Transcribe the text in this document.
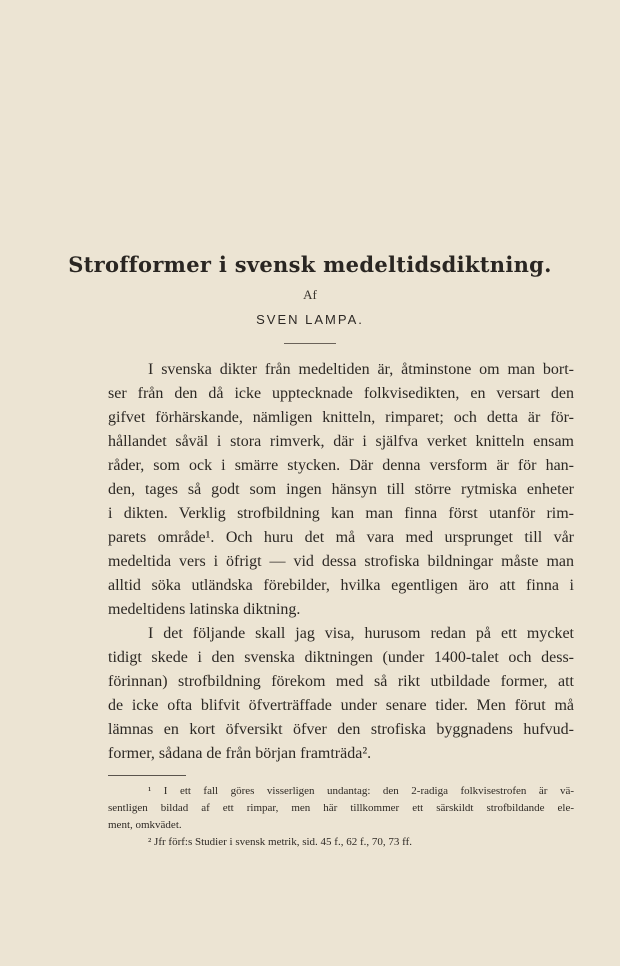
Strofformer i svensk medeltidsdiktning.
Af
SVEN LAMPA.
I svenska dikter från medeltiden är, åtminstone om man bort-
ser från den då icke upptecknade folkvisedikten, en versart den
gifvet förhärskande, nämligen knitteln, rimparet; och detta är för-
hållandet såväl i stora rimverk, där i själfva verket knitteln ensam
råder, som ock i smärre stycken. Där denna versform är för han-
den, tages så godt som ingen hänsyn till större rytmiska enheter
i dikten. Verklig strofbildning kan man finna först utanför rim-
parets område¹. Och huru det må vara med ursprunget till vår
medeltida vers i öfrigt — vid dessa strofiska bildningar måste man
alltid söka utländska förebilder, hvilka egentligen äro att finna i
medeltidens latinska diktning.
I det följande skall jag visa, hurusom redan på ett mycket
tidigt skede i den svenska diktningen (under 1400-talet och dess-
förinnan) strofbildning förekom med så rikt utbildade former, att
de icke ofta blifvit öfverträffade under senare tider. Men förut må
lämnas en kort öfversikt öfver den strofiska byggnadens hufvud-
former, sådana de från början framträda².
¹ I ett fall göres visserligen undantag: den 2-radiga folkvisestrofen är vä-
sentligen bildad af ett rimpar, men här tillkommer ett särskildt strofbildande ele-
ment, omkvädet.
² Jfr förf:s Studier i svensk metrik, sid. 45 f., 62 f., 70, 73 ff.
